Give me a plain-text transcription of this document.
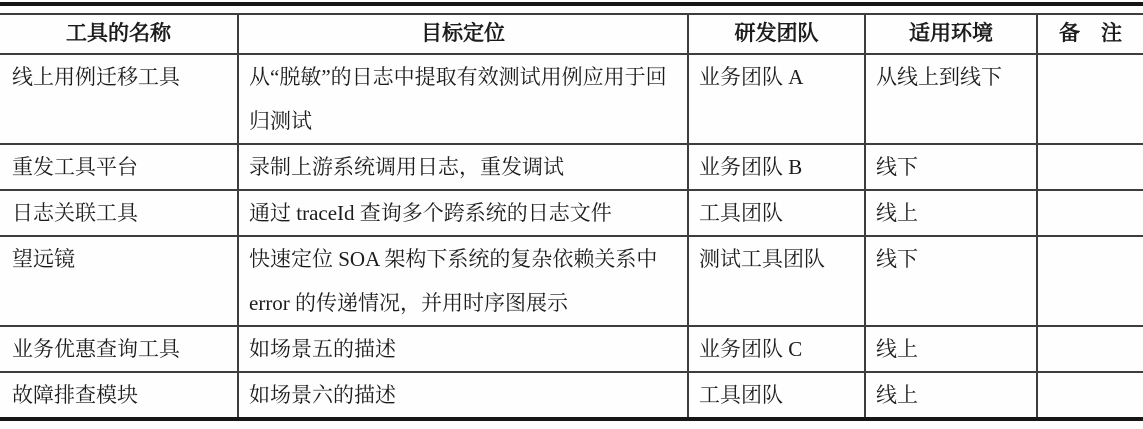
工具的名称	目标定位	研发团队	适用环境	备　注
线上用例迁移工具	从“脱敏”的日志中提取有效测试用例应用于回归测试	业务团队 A	从线上到线下	
重发工具平台	录制上游系统调用日志，重发调试	业务团队 B	线下	
日志关联工具	通过 traceId 查询多个跨系统的日志文件	工具团队	线上	
望远镜	快速定位 SOA 架构下系统的复杂依赖关系中 error 的传递情况，并用时序图展示	测试工具团队	线下	
业务优惠查询工具	如场景五的描述	业务团队 C	线上	
故障排查模块	如场景六的描述	工具团队	线上	
